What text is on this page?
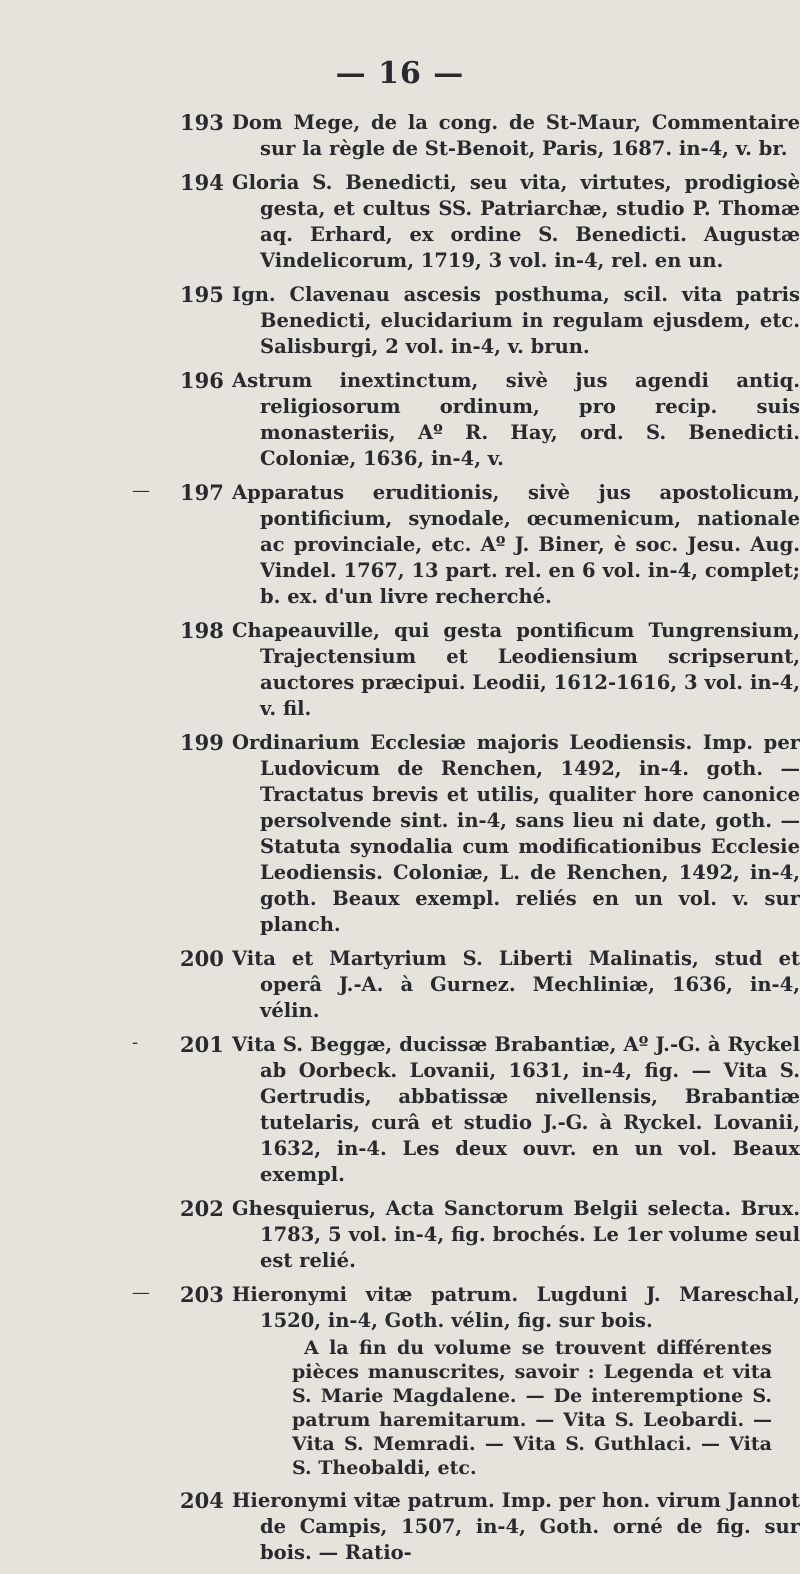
— 16 —
193 Dom Mege, de la cong. de St-Maur, Commentaire sur la règle de St-Benoit, Paris, 1687. in-4, v. br.
194 Gloria S. Benedicti, seu vita, virtutes, prodigiosè gesta, et cultus SS. Patriarchæ, studio P. Thomæ aq. Erhard, ex ordine S. Benedicti. Augustæ Vindelicorum, 1719, 3 vol. in-4, rel. en un.
195 Ign. Clavenau ascesis posthuma, scil. vita patris Benedicti, elucidarium in regulam ejusdem, etc. Salisburgi, 2 vol. in-4, v. brun.
196 Astrum inextinctum, sivè jus agendi antiq. religiosorum ordinum, pro recip. suis monasteriis, Aº R. Hay, ord. S. Benedicti. Coloniæ, 1636, in-4, v.
— 197 Apparatus eruditionis, sivè jus apostolicum, pontificium, synodale, œcumenicum, nationale ac provinciale, etc. Aº J. Biner, è soc. Jesu. Aug. Vindel. 1767, 13 part. rel. en 6 vol. in-4, complet; b. ex. d'un livre recherché.
198 Chapeauville, qui gesta pontificum Tungrensium, Trajectensium et Leodiensium scripserunt, auctores præcipui. Leodii, 1612-1616, 3 vol. in-4, v. fil.
199 Ordinarium Ecclesiæ majoris Leodiensis. Imp. per Ludovicum de Renchen, 1492, in-4. goth. — Tractatus brevis et utilis, qualiter hore canonice persolvende sint. in-4, sans lieu ni date, goth. — Statuta synodalia cum modificationibus Ecclesie Leodiensis. Coloniæ, L. de Renchen, 1492, in-4, goth. Beaux exempl. reliés en un vol. v. sur planch.
200 Vita et Martyrium S. Liberti Malinatis, stud et operâ J.-A. à Gurnez. Mechliniæ, 1636, in-4, vélin.
- 201 Vita S. Beggæ, ducissæ Brabantiæ, Aº J.-G. à Ryckel ab Oorbeck. Lovanii, 1631, in-4, fig. — Vita S. Gertrudis, abbatissæ nivellensis, Brabantiæ tutelaris, curâ et studio J.-G. à Ryckel. Lovanii, 1632, in-4. Les deux ouvr. en un vol. Beaux exempl.
202 Ghesquierus, Acta Sanctorum Belgii selecta. Brux. 1783, 5 vol. in-4, fig. brochés. Le 1er volume seul est relié.
— 203 Hieronymi vitæ patrum. Lugduni J. Mareschal, 1520, in-4, Goth. vélin, fig. sur bois.
A la fin du volume se trouvent différentes pièces manuscrites, savoir : Legenda et vita S. Marie Magdalene. — De interemptione S. patrum haremitarum. — Vita S. Leobardi. — Vita S. Memradi. — Vita S. Guthlaci. — Vita S. Theobaldi, etc.
204 Hieronymi vitæ patrum. Imp. per hon. virum Jannot de Campis, 1507, in-4, Goth. orné de fig. sur bois. — Ratio-
